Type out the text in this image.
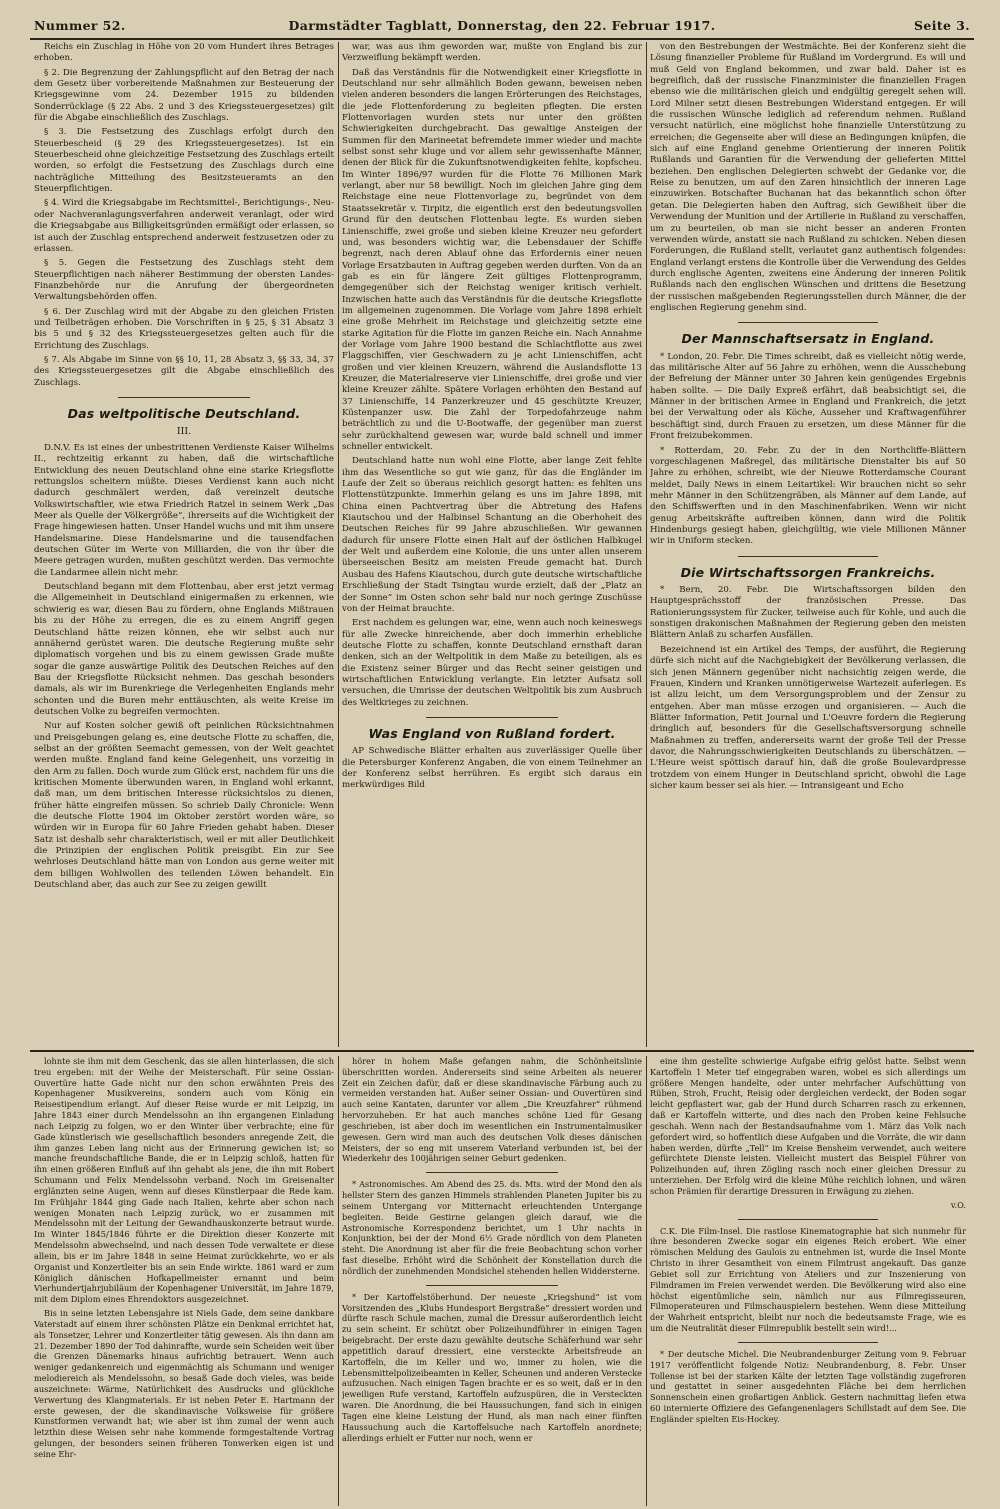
Nummer 52.	Darmstädter Tagblatt, Donnerstag, den 22. Februar 1917.	Seite 3.

Reichs ein Zuschlag in Höhe von 20 vom Hundert ihres Betrages erhoben.

§ 2. Die Begrenzung der Zahlungspflicht auf den Betrag der nach dem Gesetz über vorbereitende Maßnahmen zur Besteuerung der Kriegsgewinne vom 24. Dezember 1915 zu bildenden Sonderrücklage (§ 22 Abs. 2 und 3 des Kriegssteuergesetzes) gilt für die Abgabe einschließlich des Zuschlags.

§ 3. Die Festsetzung des Zuschlags erfolgt durch den Steuerbescheid (§ 29 des Kriegssteuergesetzes). Ist ein Steuerbescheid ohne gleichzeitige Festsetzung des Zuschlags erteilt worden, so erfolgt die Festsetzung des Zuschlags durch eine nachträgliche Mitteilung des Besitzsteueramts an den Steuerpflichtigen.

§ 4. Wird die Kriegsabgabe im Rechtsmittel-, Berichtigungs-, Neu- oder Nachveranlagungsverfahren anderweit veranlagt, oder wird die Kriegsabgabe aus Billigkeitsgründen ermäßigt oder erlassen, so ist auch der Zuschlag entsprechend anderweit festzusetzen oder zu erlassen.

§ 5. Gegen die Festsetzung des Zuschlags steht dem Steuerpflichtigen nach näherer Bestimmung der obersten Landes-Finanzbehörde nur die Anrufung der übergeordneten Verwaltungsbehörden offen.

§ 6. Der Zuschlag wird mit der Abgabe zu den gleichen Fristen und Teilbeträgen erhoben. Die Vorschriften in § 25, § 31 Absatz 3 bis 5 und § 32 des Kriegssteuergesetzes gelten auch für die Errichtung des Zuschlags.

§ 7. Als Abgabe im Sinne von §§ 10, 11, 28 Absatz 3, §§ 33, 34, 37 des Kriegssteuergesetzes gilt die Abgabe einschließlich des Zuschlags.

Das weltpolitische Deutschland.
III.

D.N.V. Es ist eines der unbestrittenen Verdienste Kaiser Wilhelms II., rechtzeitig erkannt zu haben, daß die wirtschaftliche Entwicklung des neuen Deutschland ohne eine starke Kriegsflotte rettungslos scheitern müßte. Dieses Verdienst kann auch nicht dadurch geschmälert werden, daß vereinzelt deutsche Volkswirtschaftler, wie etwa Friedrich Ratzel in seinem Werk „Das Meer als Quelle der Völkergröße“, ihrerseits auf die Wichtigkeit der Frage hingewiesen hatten. Unser Handel wuchs und mit ihm unsere Handelsmarine. Diese Handelsmarine und die tausendfachen deutschen Güter im Werte von Milliarden, die von ihr über die Meere getragen wurden, mußten geschützt werden. Das vermochte die Landarmee allein nicht mehr.

Deutschland begann mit dem Flottenbau, aber erst jetzt vermag die Allgemeinheit in Deutschland einigermaßen zu erkennen, wie schwierig es war, diesen Bau zu fördern, ohne Englands Mißtrauen bis zu der Höhe zu erregen, die es zu einem Angriff gegen Deutschland hätte reizen können, ehe wir selbst auch nur annähernd gerüstet waren. Die deutsche Regierung mußte sehr diplomatisch vorgehen und bis zu einem gewissen Grade mußte sogar die ganze auswärtige Politik des Deutschen Reiches auf den Bau der Kriegsflotte Rücksicht nehmen. Das geschah besonders damals, als wir im Burenkriege die Verlegenheiten Englands mehr schonten und die Buren mehr enttäuschten, als weite Kreise im deutschen Volke zu begreifen vermochten.

Nur auf Kosten solcher gewiß oft peinlichen Rücksichtnahmen und Preisgebungen gelang es, eine deutsche Flotte zu schaffen, die, selbst an der größten Seemacht gemessen, von der Welt geachtet werden mußte. England fand keine Gelegenheit, uns vorzeitig in den Arm zu fallen. Doch wurde zum Glück erst, nachdem für uns die kritischen Momente überwunden waren, in England wohl erkannt, daß man, um dem britischen Interesse rücksichtslos zu dienen, früher hätte eingreifen müssen. So schrieb Daily Chronicle: Wenn die deutsche Flotte 1904 im Oktober zerstört worden wäre, so würden wir in Europa für 60 Jahre Frieden gehabt haben. Dieser Satz ist deshalb sehr charakteristisch, weil er mit aller Deutlichkeit die Prinzipien der englischen Politik preisgibt. Ein zur See wehrloses Deutschland hätte man von London aus gerne weiter mit dem billigen Wohlwollen des teilenden Löwen behandelt. Ein Deutschland aber, das auch zur See zu zeigen gewillt

war, was aus ihm geworden war, mußte von England bis zur Verzweiflung bekämpft werden.

Daß das Verständnis für die Notwendigkeit einer Kriegsflotte in Deutschland nur sehr allmählich Boden gewann, beweisen neben vielen anderen besonders die langen Erörterungen des Reichstages, die jede Flottenforderung zu begleiten pflegten. Die ersten Flottenvorlagen wurden stets nur unter den größten Schwierigkeiten durchgebracht. Das gewaltige Ansteigen der Summen für den Marineetat befremdete immer wieder und machte selbst sonst sehr kluge und vor allem sehr gewissenhafte Männer, denen der Blick für die Zukunftsnotwendigkeiten fehlte, kopfscheu. Im Winter 1896/97 wurden für die Flotte 76 Millionen Mark verlangt, aber nur 58 bewilligt. Noch im gleichen Jahre ging dem Reichstage eine neue Flottenvorlage zu, begründet von dem Staatssekretär v. Tirpitz, die eigentlich erst den bedeutungsvollen Grund für den deutschen Flottenbau legte. Es wurden sieben Linienschiffe, zwei große und sieben kleine Kreuzer neu gefordert und, was besonders wichtig war, die Lebensdauer der Schiffe begrenzt, nach deren Ablauf ohne das Erfordernis einer neuen Vorlage Ersatzbauten in Auftrag gegeben werden durften. Von da an gab es ein für längere Zeit gültiges Flottenprogramm, demgegenüber sich der Reichstag weniger kritisch verhielt. Inzwischen hatte auch das Verständnis für die deutsche Kriegsflotte im allgemeinen zugenommen. Die Vorlage vom Jahre 1898 erhielt eine große Mehrheit im Reichstage und gleichzeitig setzte eine starke Agitation für die Flotte im ganzen Reiche ein. Nach Annahme der Vorlage vom Jahre 1900 bestand die Schlachtflotte aus zwei Flaggschiffen, vier Geschwadern zu je acht Linienschiffen, acht großen und vier kleinen Kreuzern, während die Auslandsflotte 13 Kreuzer, die Materialreserve vier Linienschiffe, drei große und vier kleine Kreuzer zählte. Spätere Vorlagen erhöhten den Bestand auf 37 Linienschiffe, 14 Panzerkreuzer und 45 geschützte Kreuzer, Küstenpanzer usw. Die Zahl der Torpedofahrzeuge nahm beträchtlich zu und die U-Bootwaffe, der gegenüber man zuerst sehr zurückhaltend gewesen war, wurde bald schnell und immer schneller entwickelt.

Deutschland hatte nun wohl eine Flotte, aber lange Zeit fehlte ihm das Wesentliche so gut wie ganz, für das die Engländer im Laufe der Zeit so überaus reichlich gesorgt hatten: es fehlten uns Flottenstützpunkte. Immerhin gelang es uns im Jahre 1898, mit China einen Pachtvertrag über die Abtretung des Hafens Kiautschou und der Halbinsel Schantung an die Oberhoheit des Deutschen Reiches für 99 Jahre abzuschließen. Wir gewannen dadurch für unsere Flotte einen Halt auf der östlichen Halbkugel der Welt und außerdem eine Kolonie, die uns unter allen unserem überseeischen Besitz am meisten Freude gemacht hat. Durch Ausbau des Hafens Kiautschou, durch gute deutsche wirtschaftliche Erschließung der Stadt Tsingtau wurde erzielt, daß der „Platz an der Sonne“ im Osten schon sehr bald nur noch geringe Zuschüsse von der Heimat brauchte.

Erst nachdem es gelungen war, eine, wenn auch noch keineswegs für alle Zwecke hinreichende, aber doch immerhin erhebliche deutsche Flotte zu schaffen, konnte Deutschland ernsthaft daran denken, sich an der Weltpolitik in dem Maße zu beteiligen, als es die Existenz seiner Bürger und das Recht seiner geistigen und wirtschaftlichen Entwicklung verlangte. Ein letzter Aufsatz soll versuchen, die Umrisse der deutschen Weltpolitik bis zum Ausbruch des Weltkrieges zu zeichnen.

Was England von Rußland fordert.

AP Schwedische Blätter erhalten aus zuverlässiger Quelle über die Petersburger Konferenz Angaben, die von einem Teilnehmer an der Konferenz selbst herrühren. Es ergibt sich daraus ein merkwürdiges Bild

von den Bestrebungen der Westmächte. Bei der Konferenz sieht die Lösung finanzieller Probleme für Rußland im Vordergrund. Es will und muß Geld von England bekommen, und zwar bald. Daher ist es begreiflich, daß der russische Finanzminister die finanziellen Fragen ebenso wie die militärischen gleich und endgültig geregelt sehen will. Lord Milner setzt diesen Bestrebungen Widerstand entgegen. Er will die russischen Wünsche lediglich ad referendum nehmen. Rußland versucht natürlich, eine möglichst hohe finanzielle Unterstützung zu erreichen; die Gegenseite aber will diese an Bedingungen knüpfen, die sich auf eine England genehme Orientierung der inneren Politik Rußlands und Garantien für die Verwendung der gelieferten Mittel beziehen. Den englischen Delegierten schwebt der Gedanke vor, die Reise zu benutzen, um auf den Zaren hinsichtlich der inneren Lage einzuwirken. Botschafter Buchanan hat das bekanntlich schon öfter getan. Die Delegierten haben den Auftrag, sich Gewißheit über die Verwendung der Munition und der Artillerie in Rußland zu verschaffen, um zu beurteilen, ob man sie nicht besser an anderen Fronten verwenden würde, anstatt sie nach Rußland zu schicken. Neben diesen Forderungen, die Rußland stellt, verlautet ganz authentisch folgendes: England verlangt erstens die Kontrolle über die Verwendung des Geldes durch englische Agenten, zweitens eine Änderung der inneren Politik Rußlands nach den englischen Wünschen und drittens die Besetzung der russischen maßgebenden Regierungsstellen durch Männer, die der englischen Regierung genehm sind.

Der Mannschaftsersatz in England.

* London, 20. Febr. Die Times schreibt, daß es vielleicht nötig werde, das militärische Alter auf 56 Jahre zu erhöhen, wenn die Ausschebung der Befreiung der Männer unter 30 Jahren kein genügendes Ergebnis haben sollte. — Die Daily Expreß erfährt, daß beabsichtigt sei, die Männer in der britischen Armee in England und Frankreich, die jetzt bei der Verwaltung oder als Köche, Ausseher und Kraftwagenführer beschäftigt sind, durch Frauen zu ersetzen, um diese Männer für die Front freizubekommen.

* Rotterdam, 20. Febr. Zu der in den Northcliffe-Blättern vorgeschlagenen Maßregel, das militärische Dienstalter bis auf 50 Jahre zu erhöhen, schreibt, wie der Nieuwe Rotterdamsche Courant meldet, Daily News in einem Leitartikel: Wir brauchen nicht so sehr mehr Männer in den Schützengräben, als Männer auf dem Lande, auf den Schiffswerften und in den Maschinenfabriken. Wenn wir nicht genug Arbeitskräfte auftreiben können, dann wird die Politik Hindenburgs gesiegt haben, gleichgültig, wie viele Millionen Männer wir in Uniform stecken.

Die Wirtschaftssorgen Frankreichs.

* Bern, 20. Febr. Die Wirtschaftssorgen bilden den Hauptgesprächsstoff der französischen Presse. Das Rationierungssystem für Zucker, teilweise auch für Kohle, und auch die sonstigen drakonischen Maßnahmen der Regierung geben den meisten Blättern Anlaß zu scharfen Ausfällen.

Bezeichnend ist ein Artikel des Temps, der ausführt, die Regierung dürfe sich nicht auf die Nachgiebigkeit der Bevölkerung verlassen, die sich jenen Männern gegenüber nicht nachsichtig zeigen werde, die Frauen, Kindern und Kranken unnötigerweise Wartezeit auferlegen. Es ist allzu leicht, um dem Versorgungsproblem und der Zensur zu entgehen. Aber man müsse erzogen und organisieren. — Auch die Blätter Information, Petit Journal und L'Oeuvre fordern die Regierung dringlich auf, besonders für die Gesellschaftsversorgung schnelle Maßnahmen zu treffen, andererseits warnt der große Teil der Presse davor, die Nahrungsschwierigkeiten Deutschlands zu überschätzen. — L'Heure weist spöttisch darauf hin, daß die große Boulevardpresse trotzdem von einem Hunger in Deutschland spricht, obwohl die Lage sicher kaum besser sei als hier. — Intransigeant und Echo

lohnte sie ihm mit dem Geschenk, das sie allen hinterlassen, die sich treu ergeben: mit der Weihe der Meisterschaft. Für seine Ossian-Ouvertüre hatte Gade nicht nur den schon erwähnten Preis des Kopenhagener Musikvereins, sondern auch vom König ein Reisestipendium erlangt. Auf dieser Reise wurde er mit Leipzig, im Jahre 1843 einer durch Mendelssohn an ihn ergangenen Einladung nach Leipzig zu folgen, wo er den Winter über verbrachte; eine für Gade künstlerisch wie gesellschaftlich besonders anregende Zeit, die ihm ganzes Leben lang nicht aus der Erinnerung gewichen ist; so manche freundschaftliche Bande, die er in Leipzig schloß, hatten für ihn einen größeren Einfluß auf ihn gehabt als jene, die ihn mit Robert Schumann und Felix Mendelssohn verband. Noch im Greisenalter erglänzten seine Augen, wenn auf dieses Künstlerpaar die Rede kam. Im Frühjahr 1844 ging Gade nach Italien, kehrte aber schon nach wenigen Monaten nach Leipzig zurück, wo er zusammen mit Mendelssohn mit der Leitung der Gewandhauskonzerte betraut wurde. Im Winter 1845/1846 führte er die Direktion dieser Konzerte mit Mendelssohn abwechselnd, und nach dessen Tode verwaltete er diese allein, bis er im Jahre 1848 in seine Heimat zurückkehrte, wo er als Organist und Konzertleiter bis an sein Ende wirkte. 1861 ward er zum Königlich dänischen Hofkapellmeister ernannt und beim Vierhundertjahrjubiläum der Kopenhagener Universität, im Jahre 1879, mit dem Diplom eines Ehrendoktors ausgezeichnet.

Bis in seine letzten Lebensjahre ist Niels Gade, dem seine dankbare Vaterstadt auf einem ihrer schönsten Plätze ein Denkmal errichtet hat, als Tonsetzer, Lehrer und Konzertleiter tätig gewesen. Als ihn dann am 21. Dezember 1890 der Tod dahinraffte, wurde sein Scheiden weit über die Grenzen Dänemarks hinaus aufrichtig betrauert. Wenn auch weniger gedankenreich und eigenmächtig als Schumann und weniger melodiereich als Mendelssohn, so besaß Gade doch vieles, was beide auszeichnete: Wärme, Natürlichkeit des Ausdrucks und glückliche Verwertung des Klangmaterials. Er ist neben Peter E. Hartmann der erste gewesen, der die skandinavische Volksweise für größere Kunstformen verwandt hat; wie aber ist ihm zumal der wenn auch letzthin diese Weisen sehr nahe kommende formgestaltende Vortrag gelungen, der besonders seinen früheren Tonwerken eigen ist und seine Ehr-

hörer in hohem Maße gefangen nahm, die Schönheitslinie überschritten worden. Andererseits sind seine Arbeiten als neuerer Zeit ein Zeichen dafür, daß er diese skandinavische Färbung auch zu vermeiden verstanden hat. Außer seiner Ossian- und Ouvertüren sind auch seine Kantaten, darunter vor allem „Die Kreuzfahrer“ rühmend hervorzuheben. Er hat auch manches schöne Lied für Gesang geschrieben, ist aber doch im wesentlichen ein Instrumentalmusiker gewesen. Gern wird man auch des deutschen Volk dieses dänischen Meisters, der so eng mit unserem Vaterland verbunden ist, bei der Wiederkehr des 100jährigen seiner Geburt gedenken.

* Astronomisches. Am Abend des 25. ds. Mts. wird der Mond den als hellster Stern des ganzen Himmels strahlenden Planeten Jupiter bis zu seinem Untergang vor Mitternacht erleuchtenden Untergange begleiten. Beide Gestirne gelangen gleich darauf, wie die Astronomische Korrespondenz berichtet, um 1 Uhr nachts in Konjunktion, bei der der Mond 6½ Grade nördlich von dem Planeten steht. Die Anordnung ist aber für die freie Beobachtung schon vorher fast dieselbe. Erhöht wird die Schönheit der Konstellation durch die nördlich der zunehmenden Mondsichel stehenden hellen Widdersterne.

* Der Kartoffelstöberhund. Der neueste „Kriegshund“ ist vom Vorsitzenden des „Klubs Hundesport Bergstraße“ dressiert worden und dürfte rasch Schule machen, zumal die Dressur außerordentlich leicht zu sein scheint. Er schützt ober Polizeihundführer in einigen Tagen beigebracht. Der erste dazu gewählte deutsche Schäferhund war sehr appetitlich darauf dressiert, eine versteckte Arbeitsfreude an Kartoffeln, die im Keller und wo, immer zu holen, wie die Lebensmittelpolizeibeamten in Keller, Scheunen und anderen Verstecke aufzusuchen. Nach einigen Tagen brachte er es so weit, daß er in den jeweiligen Rufe verstand, Kartoffeln aufzuspüren, die in Versteckten waren. Die Anordnung, die bei Haussuchungen, fand sich in einigen Tagen eine kleine Leistung der Hund, als man nach einer fünften Haussuchung auch die Kartoffelsuche nach Kartoffeln anordnete; allerdings erhielt er Futter nur noch, wenn er

eine ihm gestellte schwierige Aufgabe eifrig gelöst hatte. Selbst wenn Kartoffeln 1 Meter tief eingegraben waren, wobei es sich allerdings um größere Mengen handelte, oder unter mehrfacher Aufschüttung von Rüben, Stroh, Frucht, Reisig oder dergleichen verdeckt, der Boden sogar leicht gepflastert war, gab der Hund durch Scharren rasch zu erkennen, daß er Kartoffeln witterte, und dies nach den Proben keine Fehlsuche geschah. Wenn nach der Bestandsaufnahme vom 1. März das Volk nach gefordert wird, so hoffentlich diese Aufgaben und die Vorräte, die wir dann haben werden, dürfte „Tell“ im Kreise Bensheim verwendet, auch weitere gefürchtete Dienste leisten. Vielleicht mustert das Beispiel Führer von Polizeihunden auf, ihren Zögling rasch noch einer gleichen Dressur zu unterziehen. Der Erfolg wird die kleine Mühe reichlich lohnen, und wären schon Prämien für derartige Dressuren in Erwägung zu ziehen.

v.O.

C.K. Die Film-Insel. Die rastlose Kinematographie hat sich nunmehr für ihre besonderen Zwecke sogar ein eigenes Reich erobert. Wie einer römischen Meldung des Gaulois zu entnehmen ist, wurde die Insel Monte Christo in ihrer Gesamtheit von einem Filmtrust angekauft. Das ganze Gebiet soll zur Errichtung von Ateliers und zur Inszenierung von Filmdramen im Freien verwendet werden. Die Bevölkerung wird also eine höchst eigentümliche sein, nämlich nur aus Filmregisseuren, Filmoperateuren und Filmschauspielern bestehen. Wenn diese Mitteilung der Wahrheit entspricht, bleibt nur noch die bedeutsamste Frage, wie es um die Neutralität dieser Filmrepublik bestellt sein wird!...

* Der deutsche Michel. Die Neubrandenburger Zeitung vom 9. Februar 1917 veröffentlicht folgende Notiz: Neubrandenburg, 8. Febr. Unser Tollense ist bei der starken Kälte der letzten Tage vollständig zugefroren und gestattet in seiner ausgedehnten Fläche bei dem herrlichen Sonnenschein einen großartigen Anblick. Gestern nachmittag liefen etwa 60 internierte Offiziere des Gefangenenlagers Schillstadt auf dem See. Die Engländer spielten Eis-Hockey.
